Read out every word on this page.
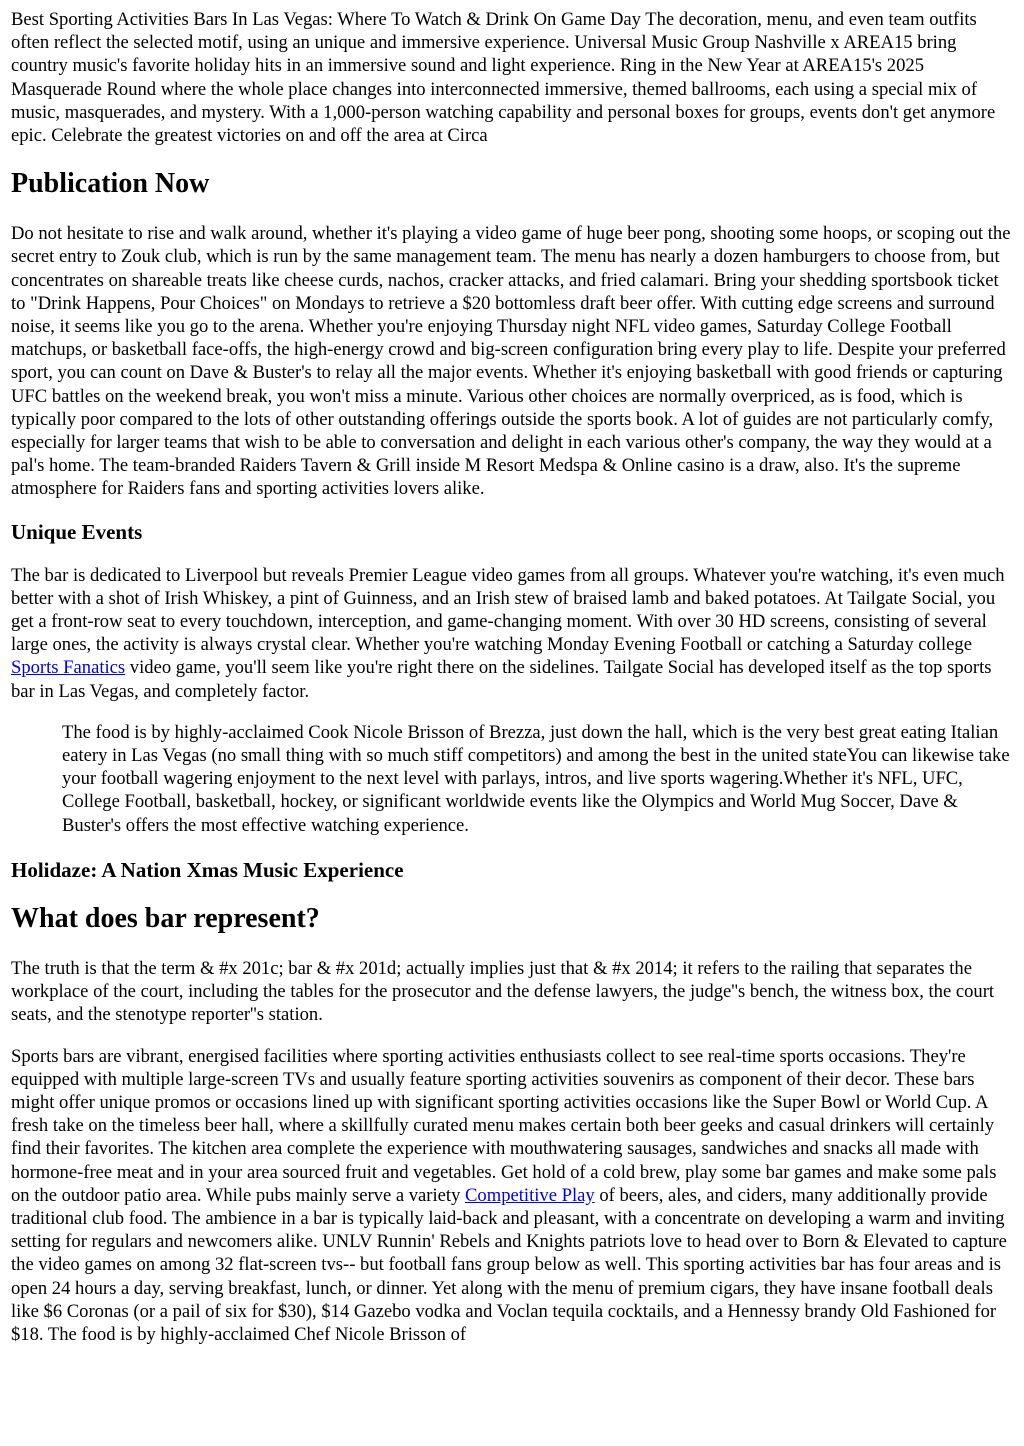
Best Sporting Activities Bars In Las Vegas: Where To Watch & Drink On Game Day The decoration, menu, and even team outfits often reflect the selected motif, using an unique and immersive experience. Universal Music Group Nashville x AREA15 bring country music's favorite holiday hits in an immersive sound and light experience. Ring in the New Year at AREA15's 2025 Masquerade Round where the whole place changes into interconnected immersive, themed ballrooms, each using a special mix of music, masquerades, and mystery. With a 1,000-person watching capability and personal boxes for groups, events don't get anymore epic. Celebrate the greatest victories on and off the area at Circa

Publication Now

Do not hesitate to rise and walk around, whether it's playing a video game of huge beer pong, shooting some hoops, or scoping out the secret entry to Zouk club, which is run by the same management team. The menu has nearly a dozen hamburgers to choose from, but concentrates on shareable treats like cheese curds, nachos, cracker attacks, and fried calamari. Bring your shedding sportsbook ticket to "Drink Happens, Pour Choices" on Mondays to retrieve a $20 bottomless draft beer offer. With cutting edge screens and surround noise, it seems like you go to the arena. Whether you're enjoying Thursday night NFL video games, Saturday College Football matchups, or basketball face-offs, the high-energy crowd and big-screen configuration bring every play to life. Despite your preferred sport, you can count on Dave & Buster's to relay all the major events. Whether it's enjoying basketball with good friends or capturing UFC battles on the weekend break, you won't miss a minute. Various other choices are normally overpriced, as is food, which is typically poor compared to the lots of other outstanding offerings outside the sports book. A lot of guides are not particularly comfy, especially for larger teams that wish to be able to conversation and delight in each various other's company, the way they would at a pal's home. The team-branded Raiders Tavern & Grill inside M Resort Medspa & Online casino is a draw, also. It's the supreme atmosphere for Raiders fans and sporting activities lovers alike.

Unique Events

The bar is dedicated to Liverpool but reveals Premier League video games from all groups. Whatever you're watching, it's even much better with a shot of Irish Whiskey, a pint of Guinness, and an Irish stew of braised lamb and baked potatoes. At Tailgate Social, you get a front-row seat to every touchdown, interception, and game-changing moment. With over 30 HD screens, consisting of several large ones, the activity is always crystal clear. Whether you're watching Monday Evening Football or catching a Saturday college Sports Fanatics video game, you'll seem like you're right there on the sidelines. Tailgate Social has developed itself as the top sports bar in Las Vegas, and completely factor.

The food is by highly-acclaimed Cook Nicole Brisson of Brezza, just down the hall, which is the very best great eating Italian eatery in Las Vegas (no small thing with so much stiff competitors) and among the best in the united stateYou can likewise take your football wagering enjoyment to the next level with parlays, intros, and live sports wagering.Whether it's NFL, UFC, College Football, basketball, hockey, or significant worldwide events like the Olympics and World Mug Soccer, Dave & Buster's offers the most effective watching experience.
Holidaze: A Nation Xmas Music Experience
What does bar represent?

The truth is that the term & #x 201c; bar & #x 201d; actually implies just that & #x 2014; it refers to the railing that separates the workplace of the court, including the tables for the prosecutor and the defense lawyers, the judge''s bench, the witness box, the court seats, and the stenotype reporter''s station.

Sports bars are vibrant, energised facilities where sporting activities enthusiasts collect to see real-time sports occasions. They're equipped with multiple large-screen TVs and usually feature sporting activities souvenirs as component of their decor. These bars might offer unique promos or occasions lined up with significant sporting activities occasions like the Super Bowl or World Cup. A fresh take on the timeless beer hall, where a skillfully curated menu makes certain both beer geeks and casual drinkers will certainly find their favorites. The kitchen area complete the experience with mouthwatering sausages, sandwiches and snacks all made with hormone-free meat and in your area sourced fruit and vegetables. Get hold of a cold brew, play some bar games and make some pals on the outdoor patio area. While pubs mainly serve a variety Competitive Play of beers, ales, and ciders, many additionally provide traditional club food. The ambience in a bar is typically laid-back and pleasant, with a concentrate on developing a warm and inviting setting for regulars and newcomers alike. UNLV Runnin' Rebels and Knights patriots love to head over to Born & Elevated to capture the video games on among 32 flat-screen tvs-- but football fans group below as well. This sporting activities bar has four areas and is open 24 hours a day, serving breakfast, lunch, or dinner. Yet along with the menu of premium cigars, they have insane football deals like $6 Coronas (or a pail of six for $30), $14 Gazebo vodka and Voclan tequila cocktails, and a Hennessy brandy Old Fashioned for $18. The food is by highly-acclaimed Chef Nicole Brisson of
